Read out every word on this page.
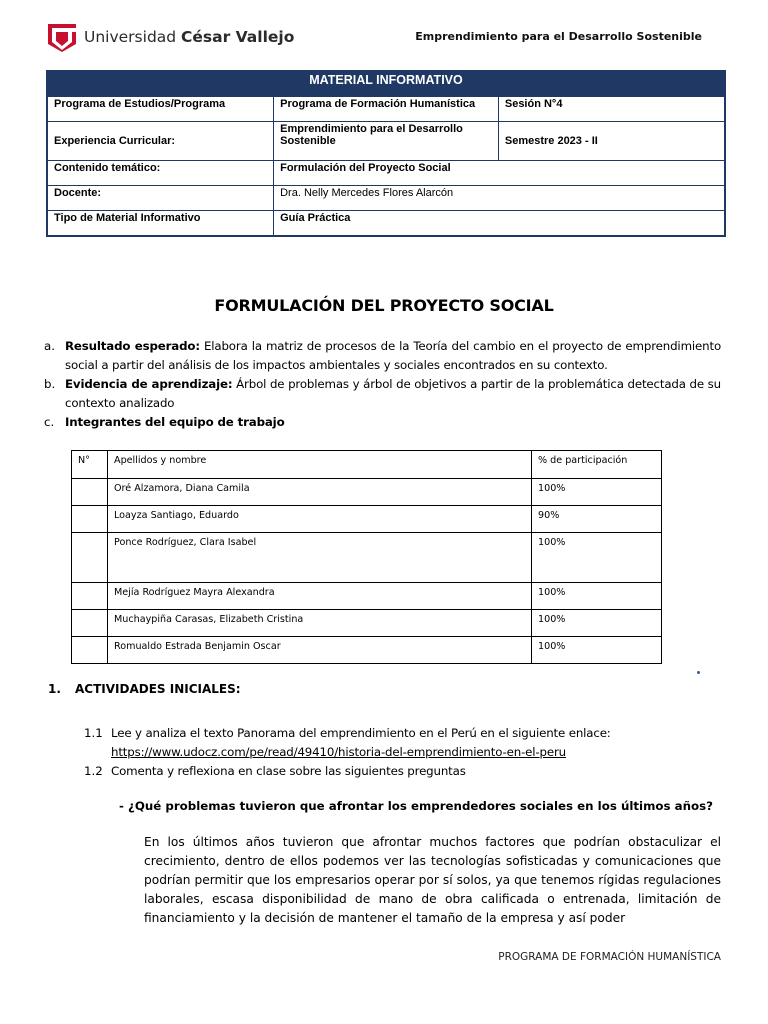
Universidad César Vallejo	Emprendimiento para el Desarrollo Sostenible
MATERIAL INFORMATIVO
Programa de Estudios/Programa	Programa de Formación Humanística	Sesión N°4
Experiencia Curricular:	Emprendimiento para el Desarrollo Sostenible	Semestre 2023 - II
Contenido temático:	Formulación del Proyecto Social	
Docente:	Dra. Nelly Mercedes Flores Alarcón	
Tipo de Material Informativo	Guía Práctica	
FORMULACIÓN DEL PROYECTO SOCIAL
a. Resultado esperado: Elabora la matriz de procesos de la Teoría del cambio en el proyecto de emprendimiento social a partir del análisis de los impactos ambientales y sociales encontrados en su contexto.
b. Evidencia de aprendizaje: Árbol de problemas y árbol de objetivos a partir de la problemática detectada de su contexto analizado
c. Integrantes del equipo de trabajo
N°	Apellidos y nombre	% de participación
	Oré Alzamora, Diana Camila	100%
	Loayza Santiago, Eduardo	90%
	Ponce Rodríguez, Clara Isabel	100%
	Mejía Rodríguez Mayra Alexandra	100%
	Muchaypiña Carasas, Elizabeth Cristina	100%
	Romualdo Estrada Benjamin Oscar	100%
1. ACTIVIDADES INICIALES:
1.1 Lee y analiza el texto Panorama del emprendimiento en el Perú en el siguiente enlace:
https://www.udocz.com/pe/read/49410/historia-del-emprendimiento-en-el-peru
1.2 Comenta y reflexiona en clase sobre las siguientes preguntas
- ¿Qué problemas tuvieron que afrontar los emprendedores sociales en los últimos años?
En los últimos años tuvieron que afrontar muchos factores que podrían obstaculizar el crecimiento, dentro de ellos podemos ver las tecnologías sofisticadas y comunicaciones que podrían permitir que los empresarios operar por sí solos, ya que tenemos rígidas regulaciones laborales, escasa disponibilidad de mano de obra calificada o entrenada, limitación de financiamiento y la decisión de mantener el tamaño de la empresa y así poder
PROGRAMA DE FORMACIÓN HUMANÍSTICA
